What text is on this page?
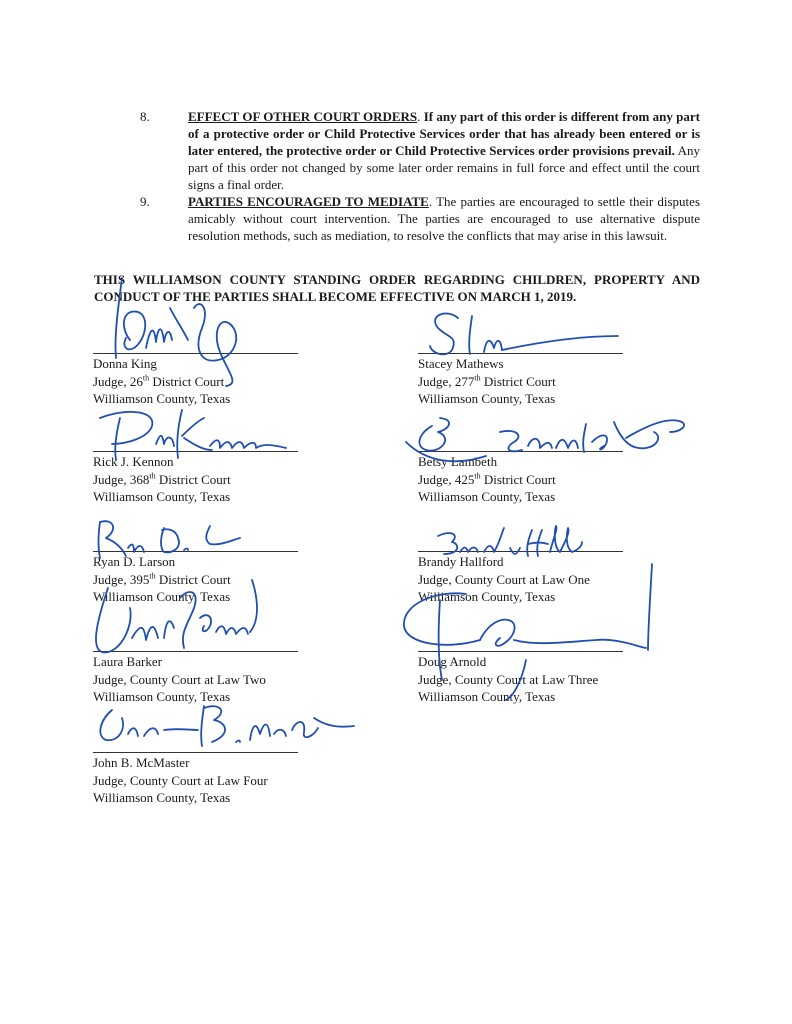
8.	EFFECT OF OTHER COURT ORDERS. If any part of this order is different from any part of a protective order or Child Protective Services order that has already been entered or is later entered, the protective order or Child Protective Services order provisions prevail. Any part of this order not changed by some later order remains in full force and effect until the court signs a final order.
9.	PARTIES ENCOURAGED TO MEDIATE. The parties are encouraged to settle their disputes amicably without court intervention. The parties are encouraged to use alternative dispute resolution methods, such as mediation, to resolve the conflicts that may arise in this lawsuit.
THIS WILLIAMSON COUNTY STANDING ORDER REGARDING CHILDREN, PROPERTY AND CONDUCT OF THE PARTIES SHALL BECOME EFFECTIVE ON MARCH 1, 2019.
Donna King
Judge, 26th District Court
Williamson County, Texas
Rick J. Kennon
Judge, 368th District Court
Williamson County, Texas
Ryan D. Larson
Judge, 395th District Court
Williamson County, Texas
Laura Barker
Judge, County Court at Law Two
Williamson County, Texas
John B. McMaster
Judge, County Court at Law Four
Williamson County, Texas
Stacey Mathews
Judge, 277th District Court
Williamson County, Texas
Betsy Lambeth
Judge, 425th District Court
Williamson County, Texas
Brandy Hallford
Judge, County Court at Law One
Williamson County, Texas
Doug Arnold
Judge, County Court at Law Three
Williamson County, Texas
